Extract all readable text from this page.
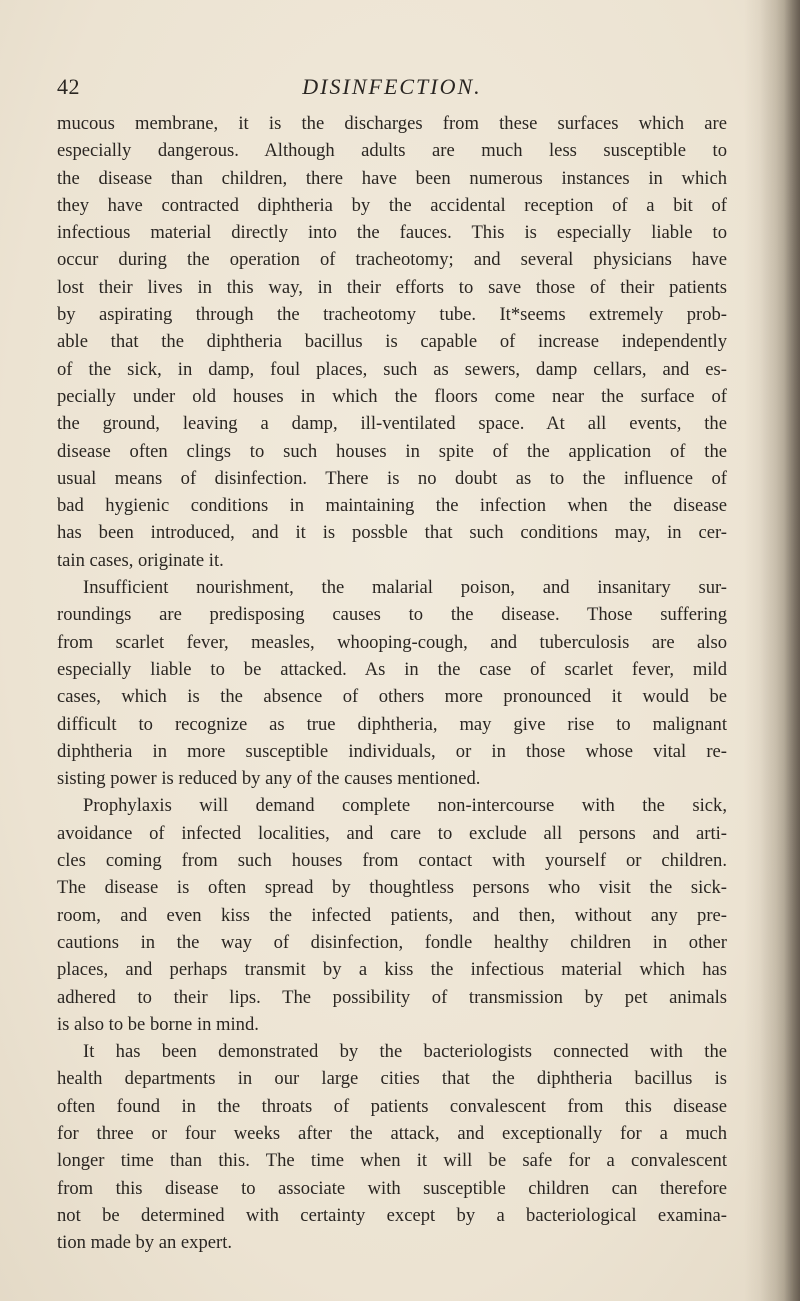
DISINFECTION.
42

mucous membrane, it is the discharges from these surfaces which are
especially dangerous. Although adults are much less susceptible to
the disease than children, there have been numerous instances in which
they have contracted diphtheria by the accidental reception of a bit of
infectious material directly into the fauces. This is especially liable to
occur during the operation of tracheotomy; and several physicians have
lost their lives in this way, in their efforts to save those of their patients
by aspirating through the tracheotomy tube. It*seems extremely prob-
able that the diphtheria bacillus is capable of increase independently
of the sick, in damp, foul places, such as sewers, damp cellars, and es-
pecially under old houses in which the floors come near the surface of
the ground, leaving a damp, ill-ventilated space. At all events, the
disease often clings to such houses in spite of the application of the
usual means of disinfection. There is no doubt as to the influence of
bad hygienic conditions in maintaining the infection when the disease
has been introduced, and it is possble that such conditions may, in cer-
tain cases, originate it.

Insufficient nourishment, the malarial poison, and insanitary sur-
roundings are predisposing causes to the disease. Those suffering
from scarlet fever, measles, whooping-cough, and tuberculosis are also
especially liable to be attacked. As in the case of scarlet fever, mild
cases, which is the absence of others more pronounced it would be
difficult to recognize as true diphtheria, may give rise to malignant
diphtheria in more susceptible individuals, or in those whose vital re-
sisting power is reduced by any of the causes mentioned.

Prophylaxis will demand complete non-intercourse with the sick,
avoidance of infected localities, and care to exclude all persons and arti-
cles coming from such houses from contact with yourself or children.
The disease is often spread by thoughtless persons who visit the sick-
room, and even kiss the infected patients, and then, without any pre-
cautions in the way of disinfection, fondle healthy children in other
places, and perhaps transmit by a kiss the infectious material which has
adhered to their lips. The possibility of transmission by pet animals
is also to be borne in mind.

It has been demonstrated by the bacteriologists connected with the
health departments in our large cities that the diphtheria bacillus is
often found in the throats of patients convalescent from this disease
for three or four weeks after the attack, and exceptionally for a much
longer time than this. The time when it will be safe for a convalescent
from this disease to associate with susceptible children can therefore
not be determined with certainty except by a bacteriological examina-
tion made by an expert.
